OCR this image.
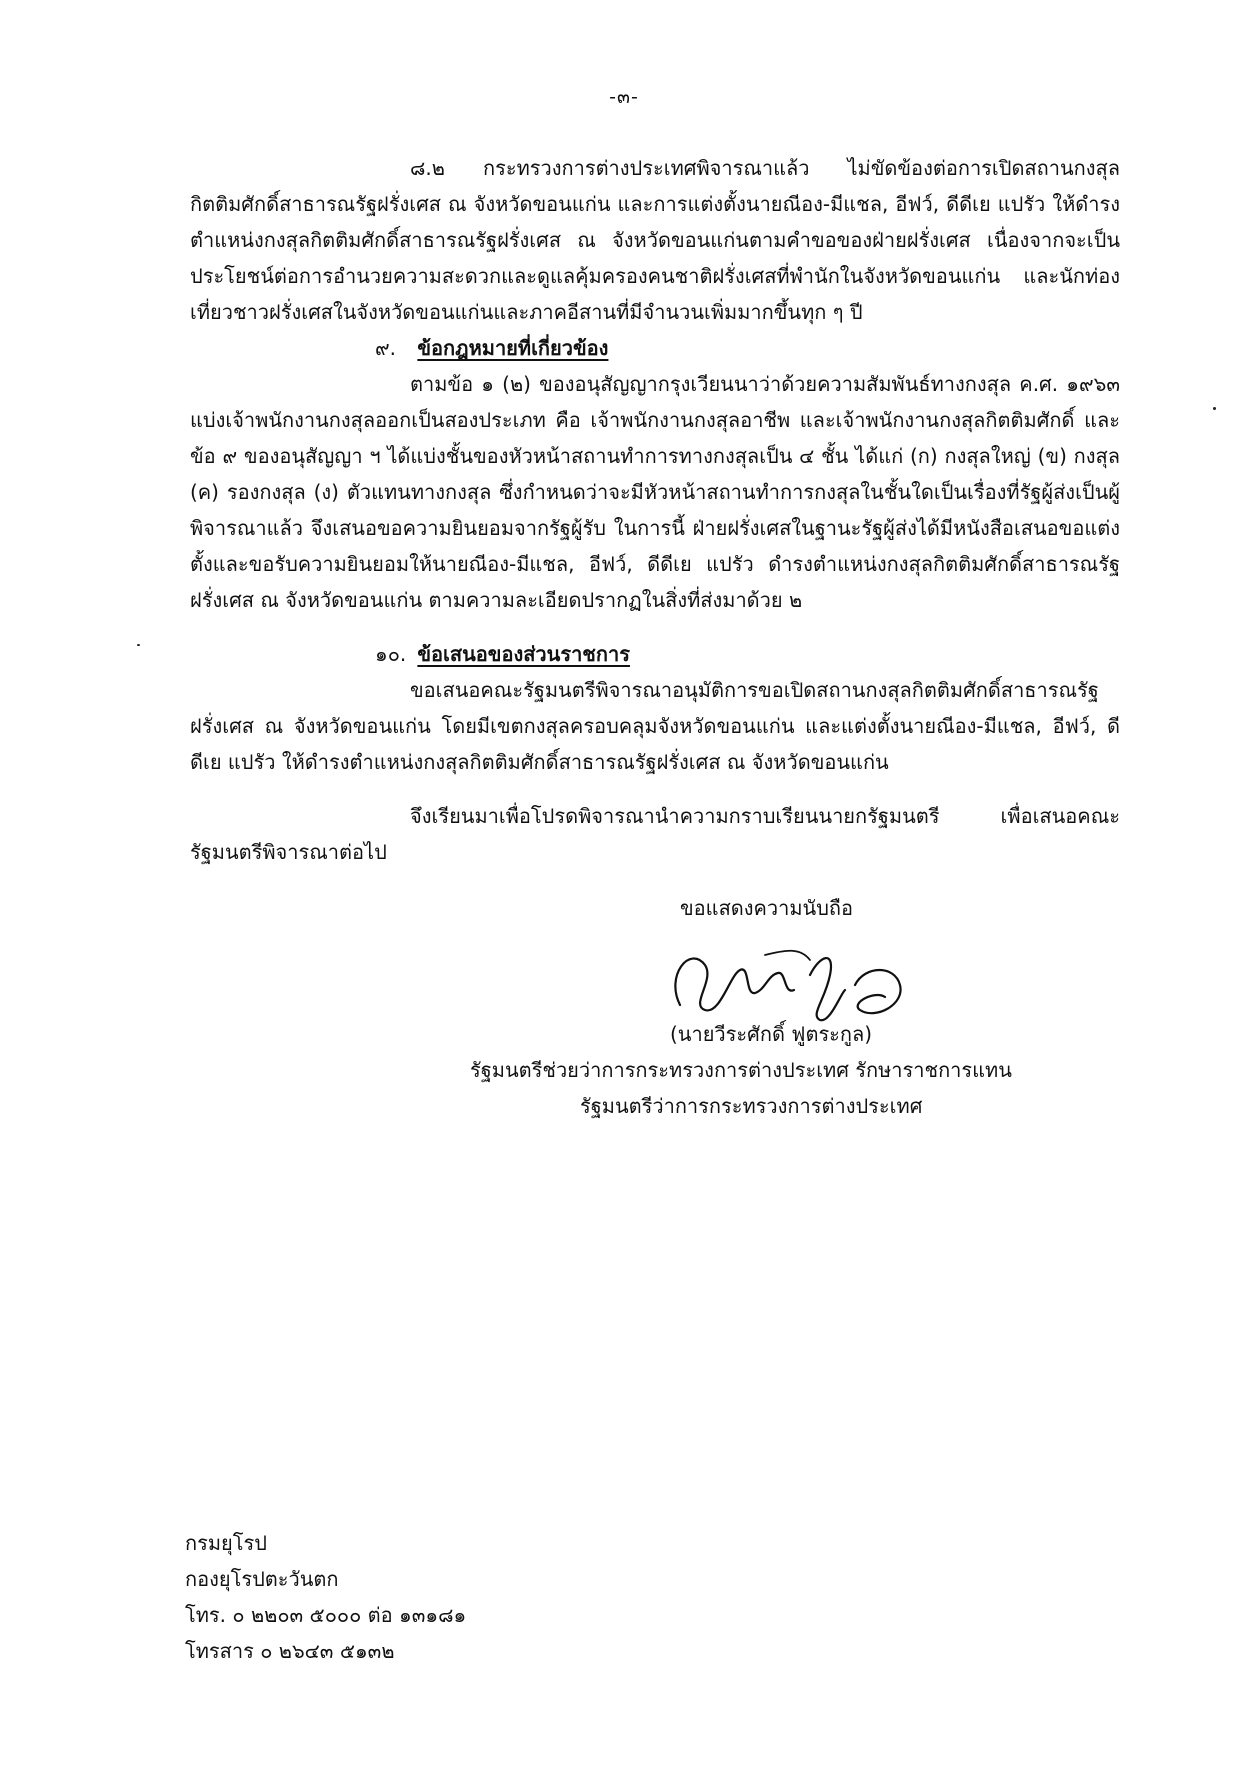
-๓-

๘.๒ กระทรวงการต่างประเทศพิจารณาแล้ว ไม่ขัดข้องต่อการเปิดสถานกงสุลกิตติมศักดิ์สาธารณรัฐฝรั่งเศส ณ จังหวัดขอนแก่น และการแต่งตั้งนายณีอง-มีแชล, อีฟว์, ดีดีเย แปรัว ให้ดำรงตำแหน่งกงสุลกิตติมศักดิ์สาธารณรัฐฝรั่งเศส ณ จังหวัดขอนแก่นตามคำขอของฝ่ายฝรั่งเศส เนื่องจากจะเป็นประโยชน์ต่อการอำนวยความสะดวกและดูแลคุ้มครองคนชาติฝรั่งเศสที่พำนักในจังหวัดขอนแก่น และนักท่องเที่ยวชาวฝรั่งเศสในจังหวัดขอนแก่นและภาคอีสานที่มีจำนวนเพิ่มมากขึ้นทุก ๆ ปี

๙. ข้อกฎหมายที่เกี่ยวข้อง

ตามข้อ ๑ (๒) ของอนุสัญญากรุงเวียนนาว่าด้วยความสัมพันธ์ทางกงสุล ค.ศ. ๑๙๖๓ แบ่งเจ้าพนักงานกงสุลออกเป็นสองประเภท คือ เจ้าพนักงานกงสุลอาชีพ และเจ้าพนักงานกงสุลกิตติมศักดิ์ และข้อ ๙ ของอนุสัญญา ฯ ได้แบ่งชั้นของหัวหน้าสถานทำการทางกงสุลเป็น ๔ ชั้น ได้แก่ (ก) กงสุลใหญ่ (ข) กงสุล (ค) รองกงสุล (ง) ตัวแทนทางกงสุล ซึ่งกำหนดว่าจะมีหัวหน้าสถานทำการกงสุลในชั้นใดเป็นเรื่องที่รัฐผู้ส่งเป็นผู้พิจารณาแล้ว จึงเสนอขอความยินยอมจากรัฐผู้รับ ในการนี้ ฝ่ายฝรั่งเศสในฐานะรัฐผู้ส่งได้มีหนังสือเสนอขอแต่งตั้งและขอรับความยินยอมให้นายณีอง-มีแชล, อีฟว์, ดีดีเย แปรัว ดำรงตำแหน่งกงสุลกิตติมศักดิ์สาธารณรัฐฝรั่งเศส ณ จังหวัดขอนแก่น ตามความละเอียดปรากฏในสิ่งที่ส่งมาด้วย ๒

๑๐. ข้อเสนอของส่วนราชการ

ขอเสนอคณะรัฐมนตรีพิจารณาอนุมัติการขอเปิดสถานกงสุลกิตติมศักดิ์สาธารณรัฐฝรั่งเศส ณ จังหวัดขอนแก่น โดยมีเขตกงสุลครอบคลุมจังหวัดขอนแก่น และแต่งตั้งนายณีอง-มีแชล, อีฟว์, ดีดีเย แปรัว ให้ดำรงตำแหน่งกงสุลกิตติมศักดิ์สาธารณรัฐฝรั่งเศส ณ จังหวัดขอนแก่น

จึงเรียนมาเพื่อโปรดพิจารณานำความกราบเรียนนายกรัฐมนตรี เพื่อเสนอคณะรัฐมนตรีพิจารณาต่อไป

ขอแสดงความนับถือ
(นายวีระศักดิ์ ฟูตระกูล)
รัฐมนตรีช่วยว่าการกระทรวงการต่างประเทศ รักษาราชการแทน
รัฐมนตรีว่าการกระทรวงการต่างประเทศ
กรมยุโรป
กองยุโรปตะวันตก
โทร. ๐ ๒๒๐๓ ๕๐๐๐ ต่อ ๑๓๑๘๑
โทรสาร ๐ ๒๖๔๓ ๕๑๓๒
